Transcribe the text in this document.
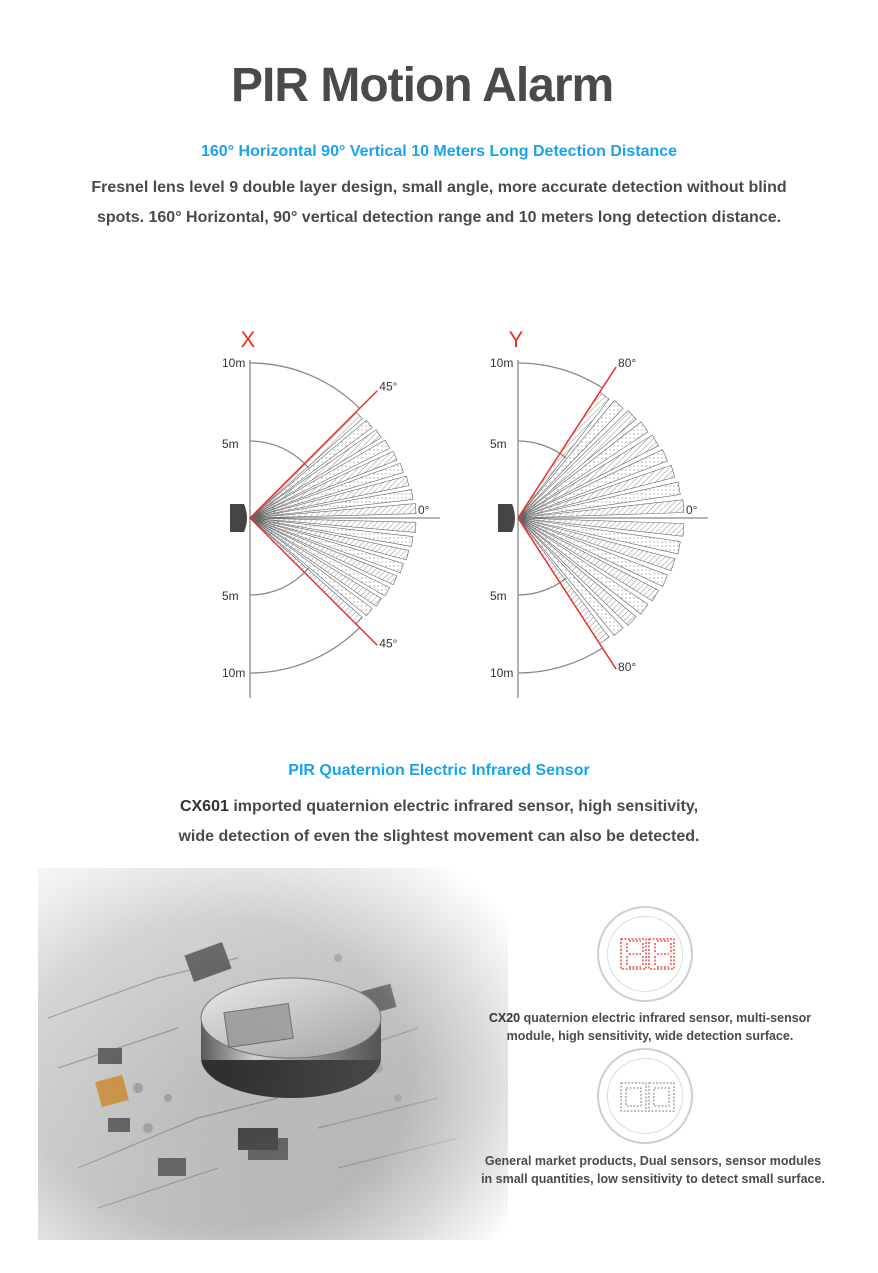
PIR Motion Alarm
160° Horizontal 90° Vertical 10 Meters Long Detection Distance
Fresnel lens level 9 double layer design, small angle, more accurate detection without blind
spots. 160° Horizontal, 90° vertical detection range and 10 meters long detection distance.
X
10m
5m
5m
10m
0°
45°
45°
Y
10m
5m
5m
10m
0°
80°
80°
PIR Quaternion Electric Infrared Sensor
CX601 imported quaternion electric infrared sensor, high sensitivity,
wide detection of even the slightest movement can also be detected.
CX20 quaternion electric infrared sensor, multi-sensor
module, high sensitivity, wide detection surface.
General market products, Dual sensors, sensor modules
in small quantities, low sensitivity to detect small surface.
